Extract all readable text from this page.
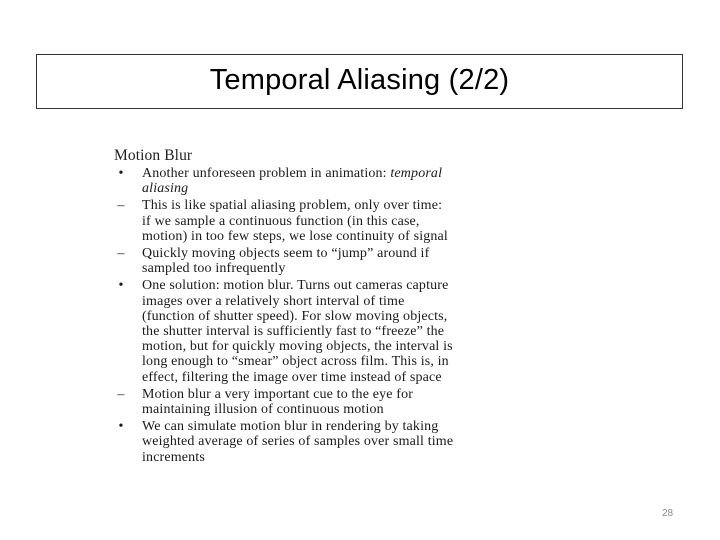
Temporal Aliasing (2/2)
Motion Blur
•	Another unforeseen problem in animation: temporal
aliasing
– This is like spatial aliasing problem, only over time:
if we sample a continuous function (in this case,
motion) in too few steps, we lose continuity of signal
– Quickly moving objects seem to “jump” around if
sampled too infrequently
•	One solution: motion blur. Turns out cameras capture
images over a relatively short interval of time
(function of shutter speed). For slow moving objects,
the shutter interval is sufficiently fast to “freeze” the
motion, but for quickly moving objects, the interval is
long enough to “smear” object across film. This is, in
effect, filtering the image over time instead of space
– Motion blur a very important cue to the eye for
maintaining illusion of continuous motion
•	We can simulate motion blur in rendering by taking
weighted average of series of samples over small time
increments
28
